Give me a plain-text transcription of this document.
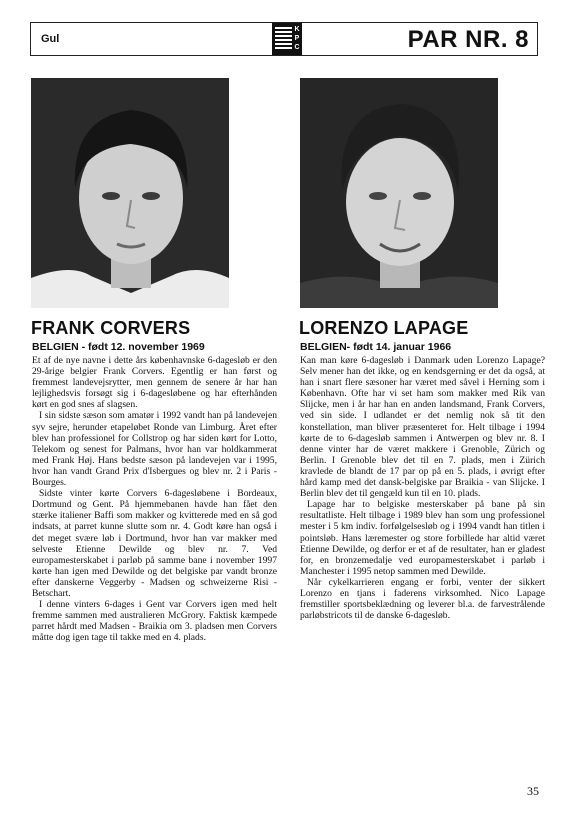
Gul	PAR NR. 8
K
P
C
FRANK CORVERS
BELGIEN - født 12. november 1969

Et af de nye navne i dette års københavnske 6-dagesløb er den 29-årige belgier Frank Corvers. Egentlig er han først og fremmest landevejsrytter, men gennem de senere år har han lejlighedsvis forsøgt sig i 6-dagesløbene og har efterhånden kørt en god snes af slagsen.

I sin sidste sæson som amatør i 1992 vandt han på landevejen syv sejre, herunder etapeløbet Ronde van Limburg. Året efter blev han professionel for Collstrop og har siden kørt for Lotto, Telekom og senest for Palmans, hvor han var holdkammerat med Frank Høj. Hans bedste sæson på landevejen var i 1995, hvor han vandt Grand Prix d'Isbergues og blev nr. 2 i Paris - Bourges.

Sidste vinter kørte Corvers 6-dagesløbene i Bordeaux, Dortmund og Gent. På hjemmebanen havde han fået den stærke italiener Baffi som makker og kvitterede med en så god indsats, at parret kunne slutte som nr. 4. Godt køre han også i det meget svære løb i Dortmund, hvor han var makker med selveste Etienne Dewilde og blev nr. 7. Ved europamesterskabet i parløb på samme bane i november 1997 kørte han igen med Dewilde og det belgiske par vandt bronze efter danskerne Veggerby - Madsen og schweizerne Risi - Betschart.

I denne vinters 6-dages i Gent var Corvers igen med helt fremme sammen med australieren McGrory. Faktisk kæmpede parret hårdt med Madsen - Braikia om 3. pladsen men Corvers måtte dog igen tage til takke med en 4. plads.

LORENZO LAPAGE
BELGIEN- født 14. januar 1966

Kan man køre 6-dagesløb i Danmark uden Lorenzo Lapage? Selv mener han det ikke, og en kendsgerning er det da også, at han i snart flere sæsoner har været med såvel i Herning som i København. Ofte har vi set ham som makker med Rik van Slijcke, men i år har han en anden landsmand, Frank Corvers, ved sin side. I udlandet er det nemlig nok så tit den konstellation, man bliver præsenteret for. Helt tilbage i 1994 kørte de to 6-dagesløb sammen i Antwerpen og blev nr. 8. I denne vinter har de været makkere i Grenoble, Zürich og Berlin. I Grenoble blev det til en 7. plads, men i Zürich kravlede de blandt de 17 par op på en 5. plads, i øvrigt efter hård kamp med det dansk-belgiske par Braikia - van Slijcke. I Berlin blev det til gengæld kun til en 10. plads.

Lapage har to belgiske mesterskaber på bane på sin resultatliste. Helt tilbage i 1989 blev han som ung professionel mester i 5 km indiv. forfølgelsesløb og i 1994 vandt han titlen i pointsløb. Hans læremester og store forbillede har altid været Etienne Dewilde, og derfor er et af de resultater, han er gladest for, en bronzemedalje ved europamesterskabet i parløb i Manchester i 1995 netop sammen med Dewilde.

Når cykelkarrieren engang er forbi, venter der sikkert Lorenzo en tjans i faderens virksomhed. Nico Lapage fremstiller sportsbeklædning og leverer bl.a. de farvestrålende parløbstricots til de danske 6-dagesløb.

35
